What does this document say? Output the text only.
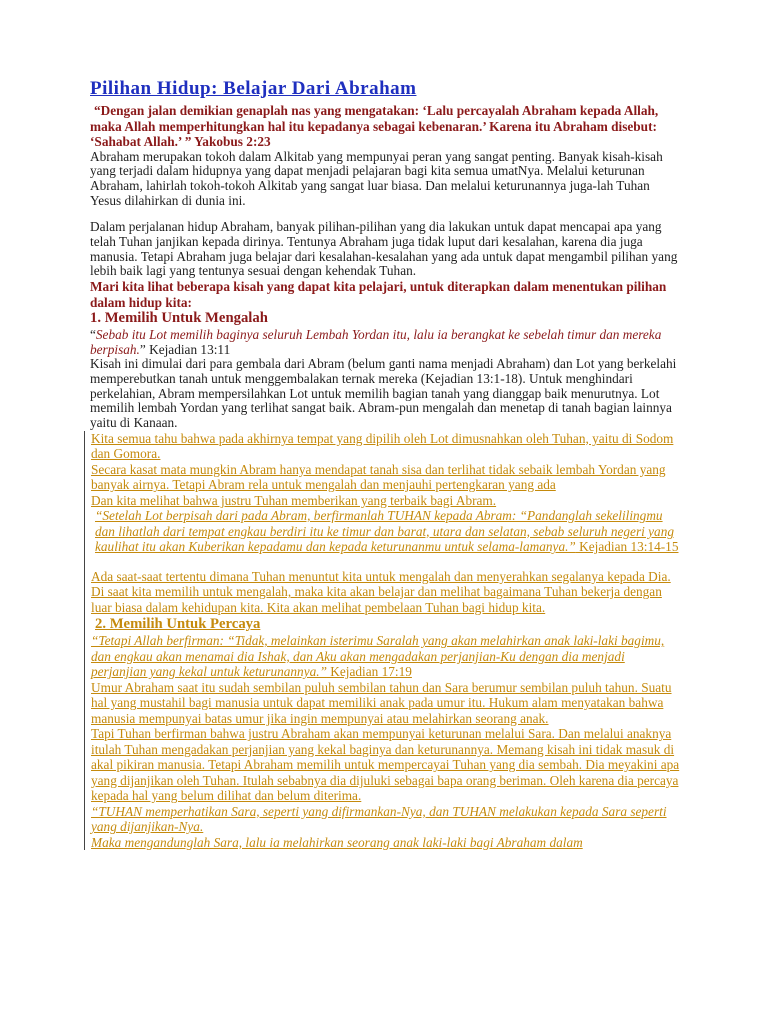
Pilihan Hidup: Belajar Dari Abraham

“Dengan jalan demikian genaplah nas yang mengatakan: ‘Lalu percayalah Abraham kepada Allah, maka Allah memperhitungkan hal itu kepadanya sebagai kebenaran.’ Karena itu Abraham disebut: ‘Sahabat Allah.’ ” Yakobus 2:23

Abraham merupakan tokoh dalam Alkitab yang mempunyai peran yang sangat penting. Banyak kisah-kisah yang terjadi dalam hidupnya yang dapat menjadi pelajaran bagi kita semua umatNya. Melalui keturunan Abraham, lahirlah tokoh-tokoh Alkitab yang sangat luar biasa. Dan melalui keturunannya juga-lah Tuhan Yesus dilahirkan di dunia ini.

Dalam perjalanan hidup Abraham, banyak pilihan-pilihan yang dia lakukan untuk dapat mencapai apa yang telah Tuhan janjikan kepada dirinya. Tentunya Abraham juga tidak luput dari kesalahan, karena dia juga manusia. Tetapi Abraham juga belajar dari kesalahan-kesalahan yang ada untuk dapat mengambil pilihan yang lebih baik lagi yang tentunya sesuai dengan kehendak Tuhan.

Mari kita lihat beberapa kisah yang dapat kita pelajari, untuk diterapkan dalam menentukan pilihan dalam hidup kita:

1. Memilih Untuk Mengalah

“Sebab itu Lot memilih baginya seluruh Lembah Yordan itu, lalu ia berangkat ke sebelah timur dan mereka berpisah.” Kejadian 13:11

Kisah ini dimulai dari para gembala dari Abram (belum ganti nama menjadi Abraham) dan Lot yang berkelahi memperebutkan tanah untuk menggembalakan ternak mereka (Kejadian 13:1-18). Untuk menghindari perkelahian, Abram mempersilahkan Lot untuk memilih bagian tanah yang dianggap baik menurutnya. Lot memilih lembah Yordan yang terlihat sangat baik. Abram-pun mengalah dan menetap di tanah bagian lainnya yaitu di Kanaan.

Kita semua tahu bahwa pada akhirnya tempat yang dipilih oleh Lot dimusnahkan oleh Tuhan, yaitu di Sodom dan Gomora.

Secara kasat mata mungkin Abram hanya mendapat tanah sisa dan terlihat tidak sebaik lembah Yordan yang banyak airnya. Tetapi Abram rela untuk mengalah dan menjauhi pertengkaran yang ada

Dan kita melihat bahwa justru Tuhan memberikan yang terbaik bagi Abram.

“Setelah Lot berpisah dari pada Abram, berfirmanlah TUHAN kepada Abram: “Pandanglah sekelilingmu dan lihatlah dari tempat engkau berdiri itu ke timur dan barat, utara dan selatan, sebab seluruh negeri yang kaulihat itu akan Kuberikan kepadamu dan kepada keturunanmu untuk selama-lamanya.” Kejadian 13:14-15

Ada saat-saat tertentu dimana Tuhan menuntut kita untuk mengalah dan menyerahkan segalanya kepada Dia. Di saat kita memilih untuk mengalah, maka kita akan belajar dan melihat bagaimana Tuhan bekerja dengan luar biasa dalam kehidupan kita. Kita akan melihat pembelaan Tuhan bagi hidup kita.

2. Memilih Untuk Percaya

“Tetapi Allah berfirman: “Tidak, melainkan isterimu Saralah yang akan melahirkan anak laki-laki bagimu, dan engkau akan menamai dia Ishak, dan Aku akan mengadakan perjanjian-Ku dengan dia menjadi perjanjian yang kekal untuk keturunannya.” Kejadian 17:19

Umur Abraham saat itu sudah sembilan puluh sembilan tahun dan Sara berumur sembilan puluh tahun. Suatu hal yang mustahil bagi manusia untuk dapat memiliki anak pada umur itu. Hukum alam menyatakan bahwa manusia mempunyai batas umur jika ingin mempunyai atau melahirkan seorang anak.

Tapi Tuhan berfirman bahwa justru Abraham akan mempunyai keturunan melalui Sara. Dan melalui anaknya itulah Tuhan mengadakan perjanjian yang kekal baginya dan keturunannya. Memang kisah ini tidak masuk di akal pikiran manusia. Tetapi Abraham memilih untuk mempercayai Tuhan yang dia sembah. Dia meyakini apa yang dijanjikan oleh Tuhan. Itulah sebabnya dia dijuluki sebagai bapa orang beriman. Oleh karena dia percaya kepada hal yang belum dilihat dan belum diterima.

“TUHAN memperhatikan Sara, seperti yang difirmankan-Nya, dan TUHAN melakukan kepada Sara seperti yang dijanjikan-Nya.

Maka mengandunglah Sara, lalu ia melahirkan seorang anak laki-laki bagi Abraham dalam
